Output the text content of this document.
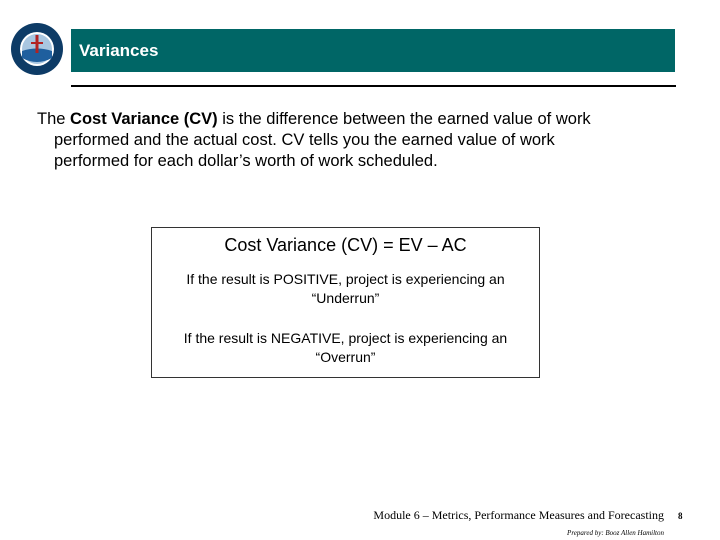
Variances
The Cost Variance (CV) is the difference between the earned value of work
performed and the actual cost. CV tells you the earned value of work
performed for each dollar’s worth of work scheduled.
Cost Variance (CV) = EV – AC
If the result is POSITIVE, project is experiencing an
“Underrun”
If the result is NEGATIVE, project is experiencing an
“Overrun”
Module 6 – Metrics, Performance Measures and Forecasting 8
Prepared by: Booz Allen Hamilton
